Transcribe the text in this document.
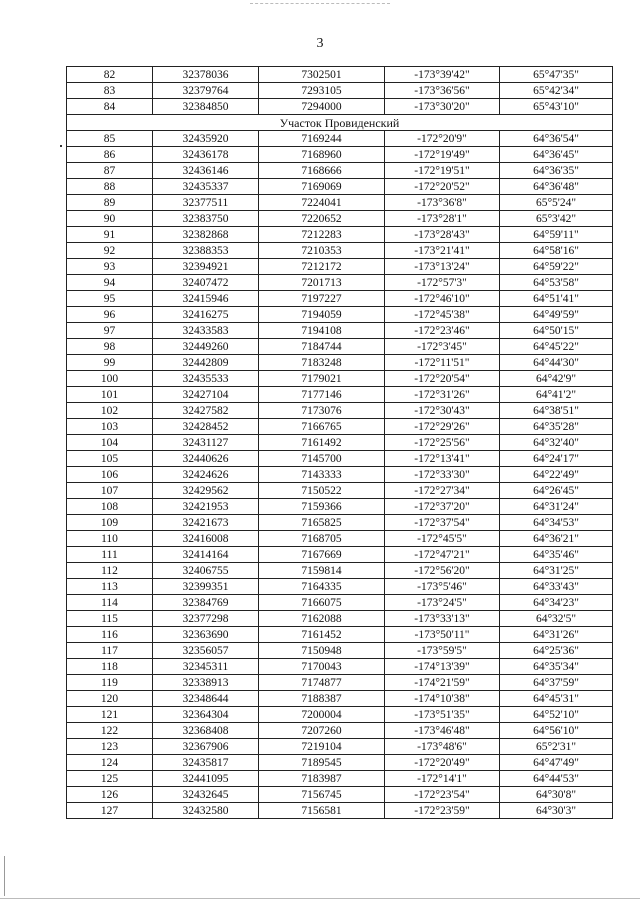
3
82	32378036	7302501	-173°39'42"	65°47'35"
83	32379764	7293105	-173°36'56"	65°42'34"
84	32384850	7294000	-173°30'20"	65°43'10"
Участок Провиденский				
85	32435920	7169244	-172°20'9"	64°36'54"
86	32436178	7168960	-172°19'49"	64°36'45"
87	32436146	7168666	-172°19'51"	64°36'35"
88	32435337	7169069	-172°20'52"	64°36'48"
89	32377511	7224041	-173°36'8"	65°5'24"
90	32383750	7220652	-173°28'1"	65°3'42"
91	32382868	7212283	-173°28'43"	64°59'11"
92	32388353	7210353	-173°21'41"	64°58'16"
93	32394921	7212172	-173°13'24"	64°59'22"
94	32407472	7201713	-172°57'3"	64°53'58"
95	32415946	7197227	-172°46'10"	64°51'41"
96	32416275	7194059	-172°45'38"	64°49'59"
97	32433583	7194108	-172°23'46"	64°50'15"
98	32449260	7184744	-172°3'45"	64°45'22"
99	32442809	7183248	-172°11'51"	64°44'30"
100	32435533	7179021	-172°20'54"	64°42'9"
101	32427104	7177146	-172°31'26"	64°41'2"
102	32427582	7173076	-172°30'43"	64°38'51"
103	32428452	7166765	-172°29'26"	64°35'28"
104	32431127	7161492	-172°25'56"	64°32'40"
105	32440626	7145700	-172°13'41"	64°24'17"
106	32424626	7143333	-172°33'30"	64°22'49"
107	32429562	7150522	-172°27'34"	64°26'45"
108	32421953	7159366	-172°37'20"	64°31'24"
109	32421673	7165825	-172°37'54"	64°34'53"
110	32416008	7168705	-172°45'5"	64°36'21"
111	32414164	7167669	-172°47'21"	64°35'46"
112	32406755	7159814	-172°56'20"	64°31'25"
113	32399351	7164335	-173°5'46"	64°33'43"
114	32384769	7166075	-173°24'5"	64°34'23"
115	32377298	7162088	-173°33'13"	64°32'5"
116	32363690	7161452	-173°50'11"	64°31'26"
117	32356057	7150948	-173°59'5"	64°25'36"
118	32345311	7170043	-174°13'39"	64°35'34"
119	32338913	7174877	-174°21'59"	64°37'59"
120	32348644	7188387	-174°10'38"	64°45'31"
121	32364304	7200004	-173°51'35"	64°52'10"
122	32368408	7207260	-173°46'48"	64°56'10"
123	32367906	7219104	-173°48'6"	65°2'31"
124	32435817	7189545	-172°20'49"	64°47'49"
125	32441095	7183987	-172°14'1"	64°44'53"
126	32432645	7156745	-172°23'54"	64°30'8"
127	32432580	7156581	-172°23'59"	64°30'3"
